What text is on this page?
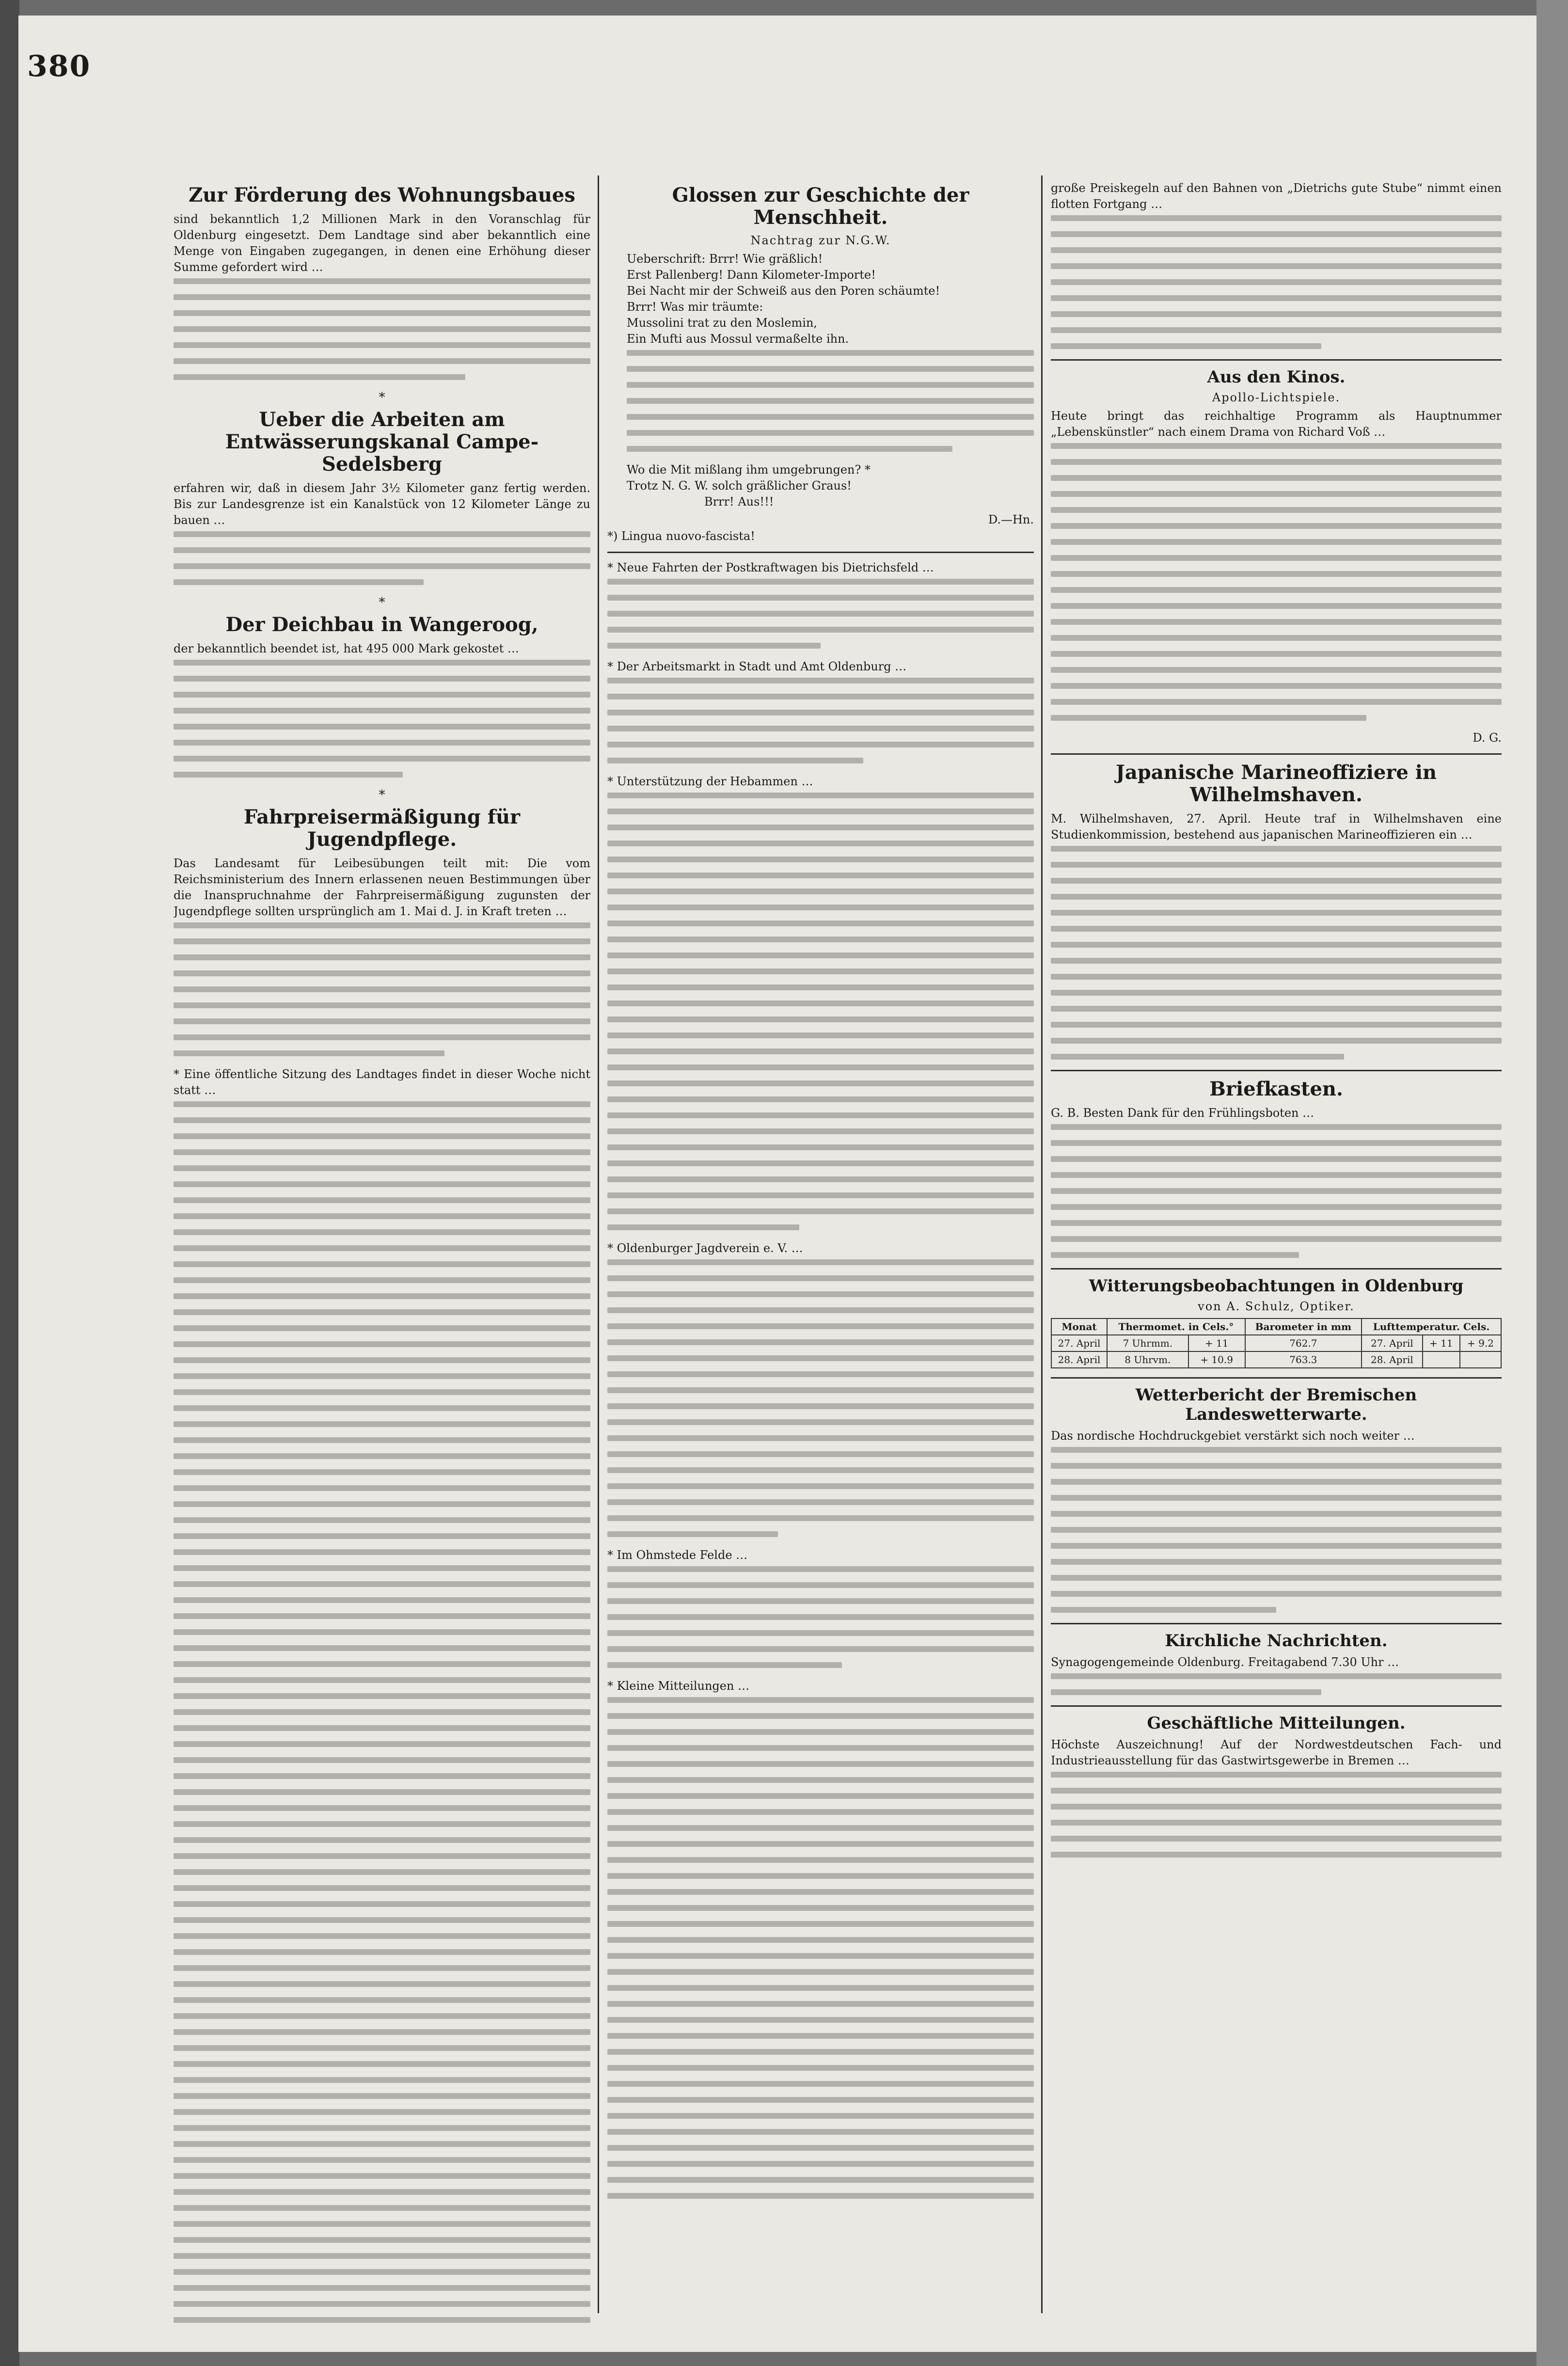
380
Zur Förderung des Wohnungsbaues

sind bekanntlich 1,2 Millionen Mark in den Voranschlag für Oldenburg eingesetzt. Dem Landtage sind aber bekanntlich eine Menge von Eingaben zugegangen, in denen eine Erhöhung dieser Summe gefordert wird …

*
Ueber die Arbeiten am Entwässerungskanal Campe-Sedelsberg

erfahren wir, daß in diesem Jahr 3½ Kilometer ganz fertig werden. Bis zur Landesgrenze ist ein Kanalstück von 12 Kilometer Länge zu bauen …

*
Der Deichbau in Wangeroog,

der bekanntlich beendet ist, hat 495 000 Mark gekostet …

*
Fahrpreisermäßigung für Jugendpflege.

Das Landesamt für Leibesübungen teilt mit: Die vom Reichsministerium des Innern erlassenen neuen Bestimmungen über die Inanspruchnahme der Fahrpreisermäßigung zugunsten der Jugendpflege sollten ursprünglich am 1. Mai d. J. in Kraft treten …

* Eine öffentliche Sitzung des Landtages findet in dieser Woche nicht statt …

Glossen zur Geschichte der Menschheit.
Nachtrag zur N.G.W.

Ueberschrift: Brrr! Wie gräßlich!

Erst Pallenberg! Dann Kilometer-Importe!

Bei Nacht mir der Schweiß aus den Poren schäumte!

Brrr! Was mir träumte:

Mussolini trat zu den Moslemin,

Ein Mufti aus Mossul vermaßelte ihn.

Wo die Mit mißlang ihm umgebrungen? *

Trotz N. G. W. solch gräßlicher Graus!

Brrr! Aus!!!

D.—Hn.
*) Lingua nuovo-fascista!

* Neue Fahrten der Postkraftwagen bis Dietrichsfeld …

* Der Arbeitsmarkt in Stadt und Amt Oldenburg …

* Unterstützung der Hebammen …

* Oldenburger Jagdverein e. V. …

* Im Ohmstede Felde …

* Kleine Mitteilungen …

große Preiskegeln auf den Bahnen von „Dietrichs gute Stube“ nimmt einen flotten Fortgang …

Aus den Kinos.
Apollo-Lichtspiele.

Heute bringt das reichhaltige Programm als Hauptnummer „Lebenskünstler“ nach einem Drama von Richard Voß …

D. G.
Japanische Marineoffiziere in Wilhelmshaven.

M. Wilhelmshaven, 27. April. Heute traf in Wilhelmshaven eine Studienkommission, bestehend aus japanischen Marineoffizieren ein …

Briefkasten.

G. B. Besten Dank für den Frühlingsboten …

Witterungsbeobachtungen in Oldenburg
von A. Schulz, Optiker.
Monat	Thermomet. in Cels.°		Barometer in mm	Lufttemperatur. Cels.		
27. April	7 Uhrmm.	+ 11	762.7	27. April	+ 11	+ 9.2
28. April	8 Uhrvm.	+ 10.9	763.3	28. April		
Wetterbericht der Bremischen Landeswetterwarte.

Das nordische Hochdruckgebiet verstärkt sich noch weiter …

Kirchliche Nachrichten.

Synagogengemeinde Oldenburg. Freitagabend 7.30 Uhr …

Geschäftliche Mitteilungen.

Höchste Auszeichnung! Auf der Nordwestdeutschen Fach- und Industrieausstellung für das Gastwirtsgewerbe in Bremen …
